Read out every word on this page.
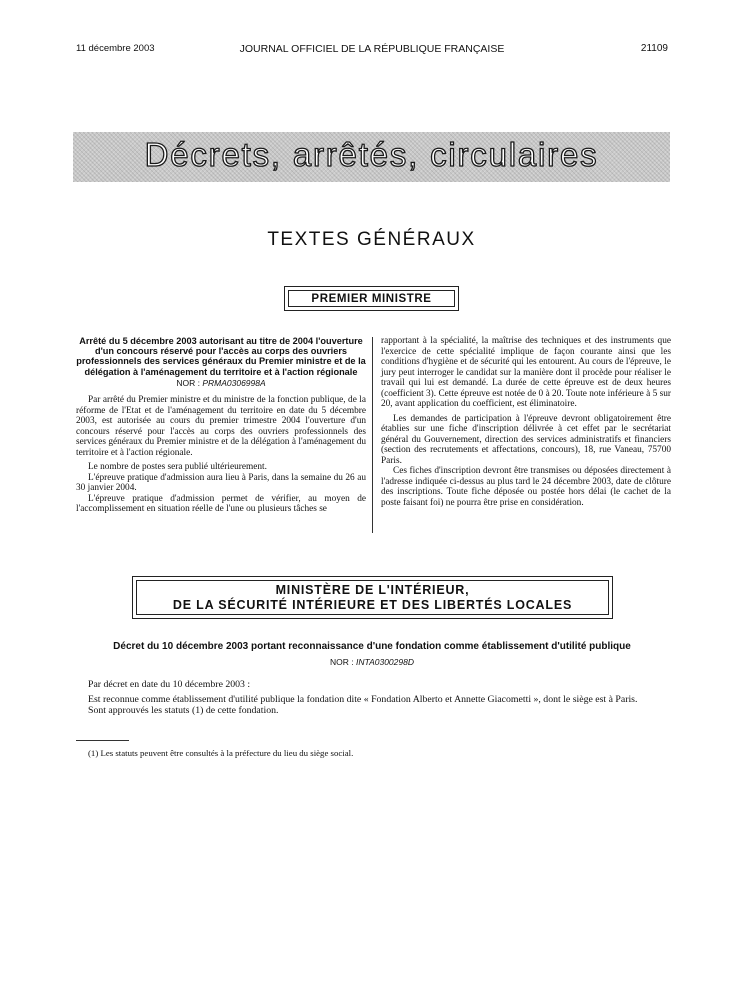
11 décembre 2003	JOURNAL OFFICIEL DE LA RÉPUBLIQUE FRANÇAISE	21109
Décrets, arrêtés, circulaires
TEXTES GÉNÉRAUX
PREMIER MINISTRE

Arrêté du 5 décembre 2003 autorisant au titre de 2004 l'ouverture d'un concours réservé pour l'accès au corps des ouvriers professionnels des services généraux du Premier ministre et de la délégation à l'aménagement du territoire et à l'action régionale

NOR : PRMA0306998A

Par arrêté du Premier ministre et du ministre de la fonction publique, de la réforme de l'Etat et de l'aménagement du territoire en date du 5 décembre 2003, est autorisée au cours du premier trimestre 2004 l'ouverture d'un concours réservé pour l'accès au corps des ouvriers professionnels des services généraux du Premier ministre et de la délégation à l'aménagement du territoire et à l'action régionale.

Le nombre de postes sera publié ultérieurement.

L'épreuve pratique d'admission aura lieu à Paris, dans la semaine du 26 au 30 janvier 2004.

L'épreuve pratique d'admission permet de vérifier, au moyen de l'accomplissement en situation réelle de l'une ou plusieurs tâches se

rapportant à la spécialité, la maîtrise des techniques et des instruments que l'exercice de cette spécialité implique de façon courante ainsi que les conditions d'hygiène et de sécurité qui les entourent. Au cours de l'épreuve, le jury peut interroger le candidat sur la manière dont il procède pour réaliser le travail qui lui est demandé. La durée de cette épreuve est de deux heures (coefficient 3). Cette épreuve est notée de 0 à 20. Toute note inférieure à 5 sur 20, avant application du coefficient, est éliminatoire.

Les demandes de participation à l'épreuve devront obligatoirement être établies sur une fiche d'inscription délivrée à cet effet par le secrétariat général du Gouvernement, direction des services administratifs et financiers (section des recrutements et affectations, concours), 18, rue Vaneau, 75700 Paris.

Ces fiches d'inscription devront être transmises ou déposées directement à l'adresse indiquée ci-dessus au plus tard le 24 décembre 2003, date de clôture des inscriptions. Toute fiche déposée ou postée hors délai (le cachet de la poste faisant foi) ne pourra être prise en considération.

MINISTÈRE DE L'INTÉRIEUR,
DE LA SÉCURITÉ INTÉRIEURE ET DES LIBERTÉS LOCALES
Décret du 10 décembre 2003 portant reconnaissance d'une fondation comme établissement d'utilité publique
NOR : INTA0300298D

Par décret en date du 10 décembre 2003 :

Est reconnue comme établissement d'utilité publique la fondation dite « Fondation Alberto et Annette Giacometti », dont le siège est à Paris.

Sont approuvés les statuts (1) de cette fondation.

(1) Les statuts peuvent être consultés à la préfecture du lieu du siège social.
